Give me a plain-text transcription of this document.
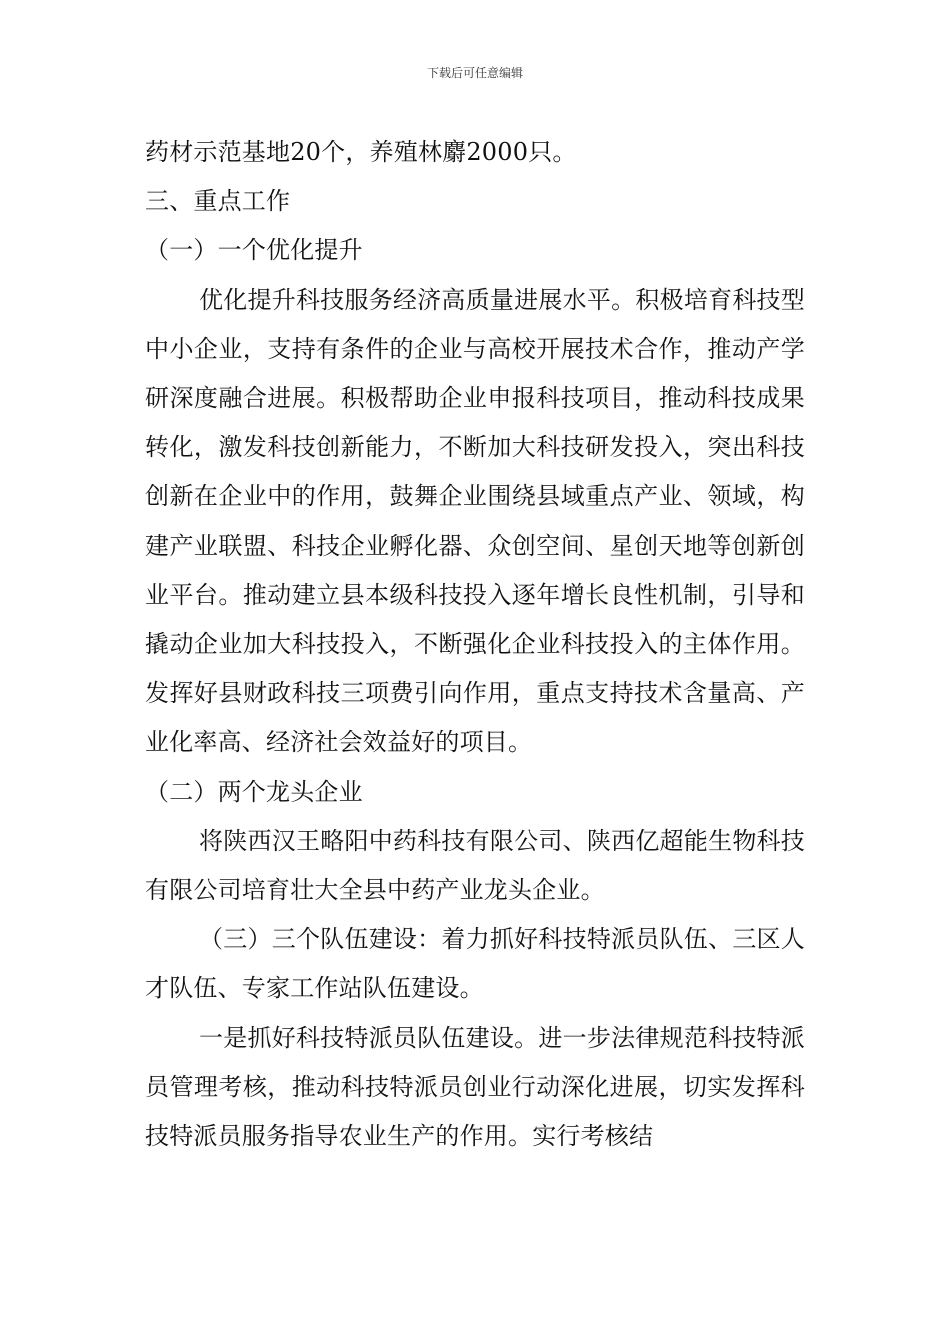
下载后可任意编辑

药材示范基地20个，养殖林麝2000只。

三、重点工作

（一）一个优化提升

优化提升科技服务经济高质量进展水平。积极培育科技型中小企业，支持有条件的企业与高校开展技术合作，推动产学研深度融合进展。积极帮助企业申报科技项目，推动科技成果转化，激发科技创新能力，不断加大科技研发投入，突出科技创新在企业中的作用，鼓舞企业围绕县域重点产业、领域，构建产业联盟、科技企业孵化器、众创空间、星创天地等创新创业平台。推动建立县本级科技投入逐年增长良性机制，引导和撬动企业加大科技投入，不断强化企业科技投入的主体作用。发挥好县财政科技三项费引向作用，重点支持技术含量高、产业化率高、经济社会效益好的项目。

（二）两个龙头企业

将陕西汉王略阳中药科技有限公司、陕西亿超能生物科技有限公司培育壮大全县中药产业龙头企业。

（三）三个队伍建设：着力抓好科技特派员队伍、三区人才队伍、专家工作站队伍建设。

一是抓好科技特派员队伍建设。进一步法律规范科技特派员管理考核，推动科技特派员创业行动深化进展，切实发挥科技特派员服务指导农业生产的作用。实行考核结
